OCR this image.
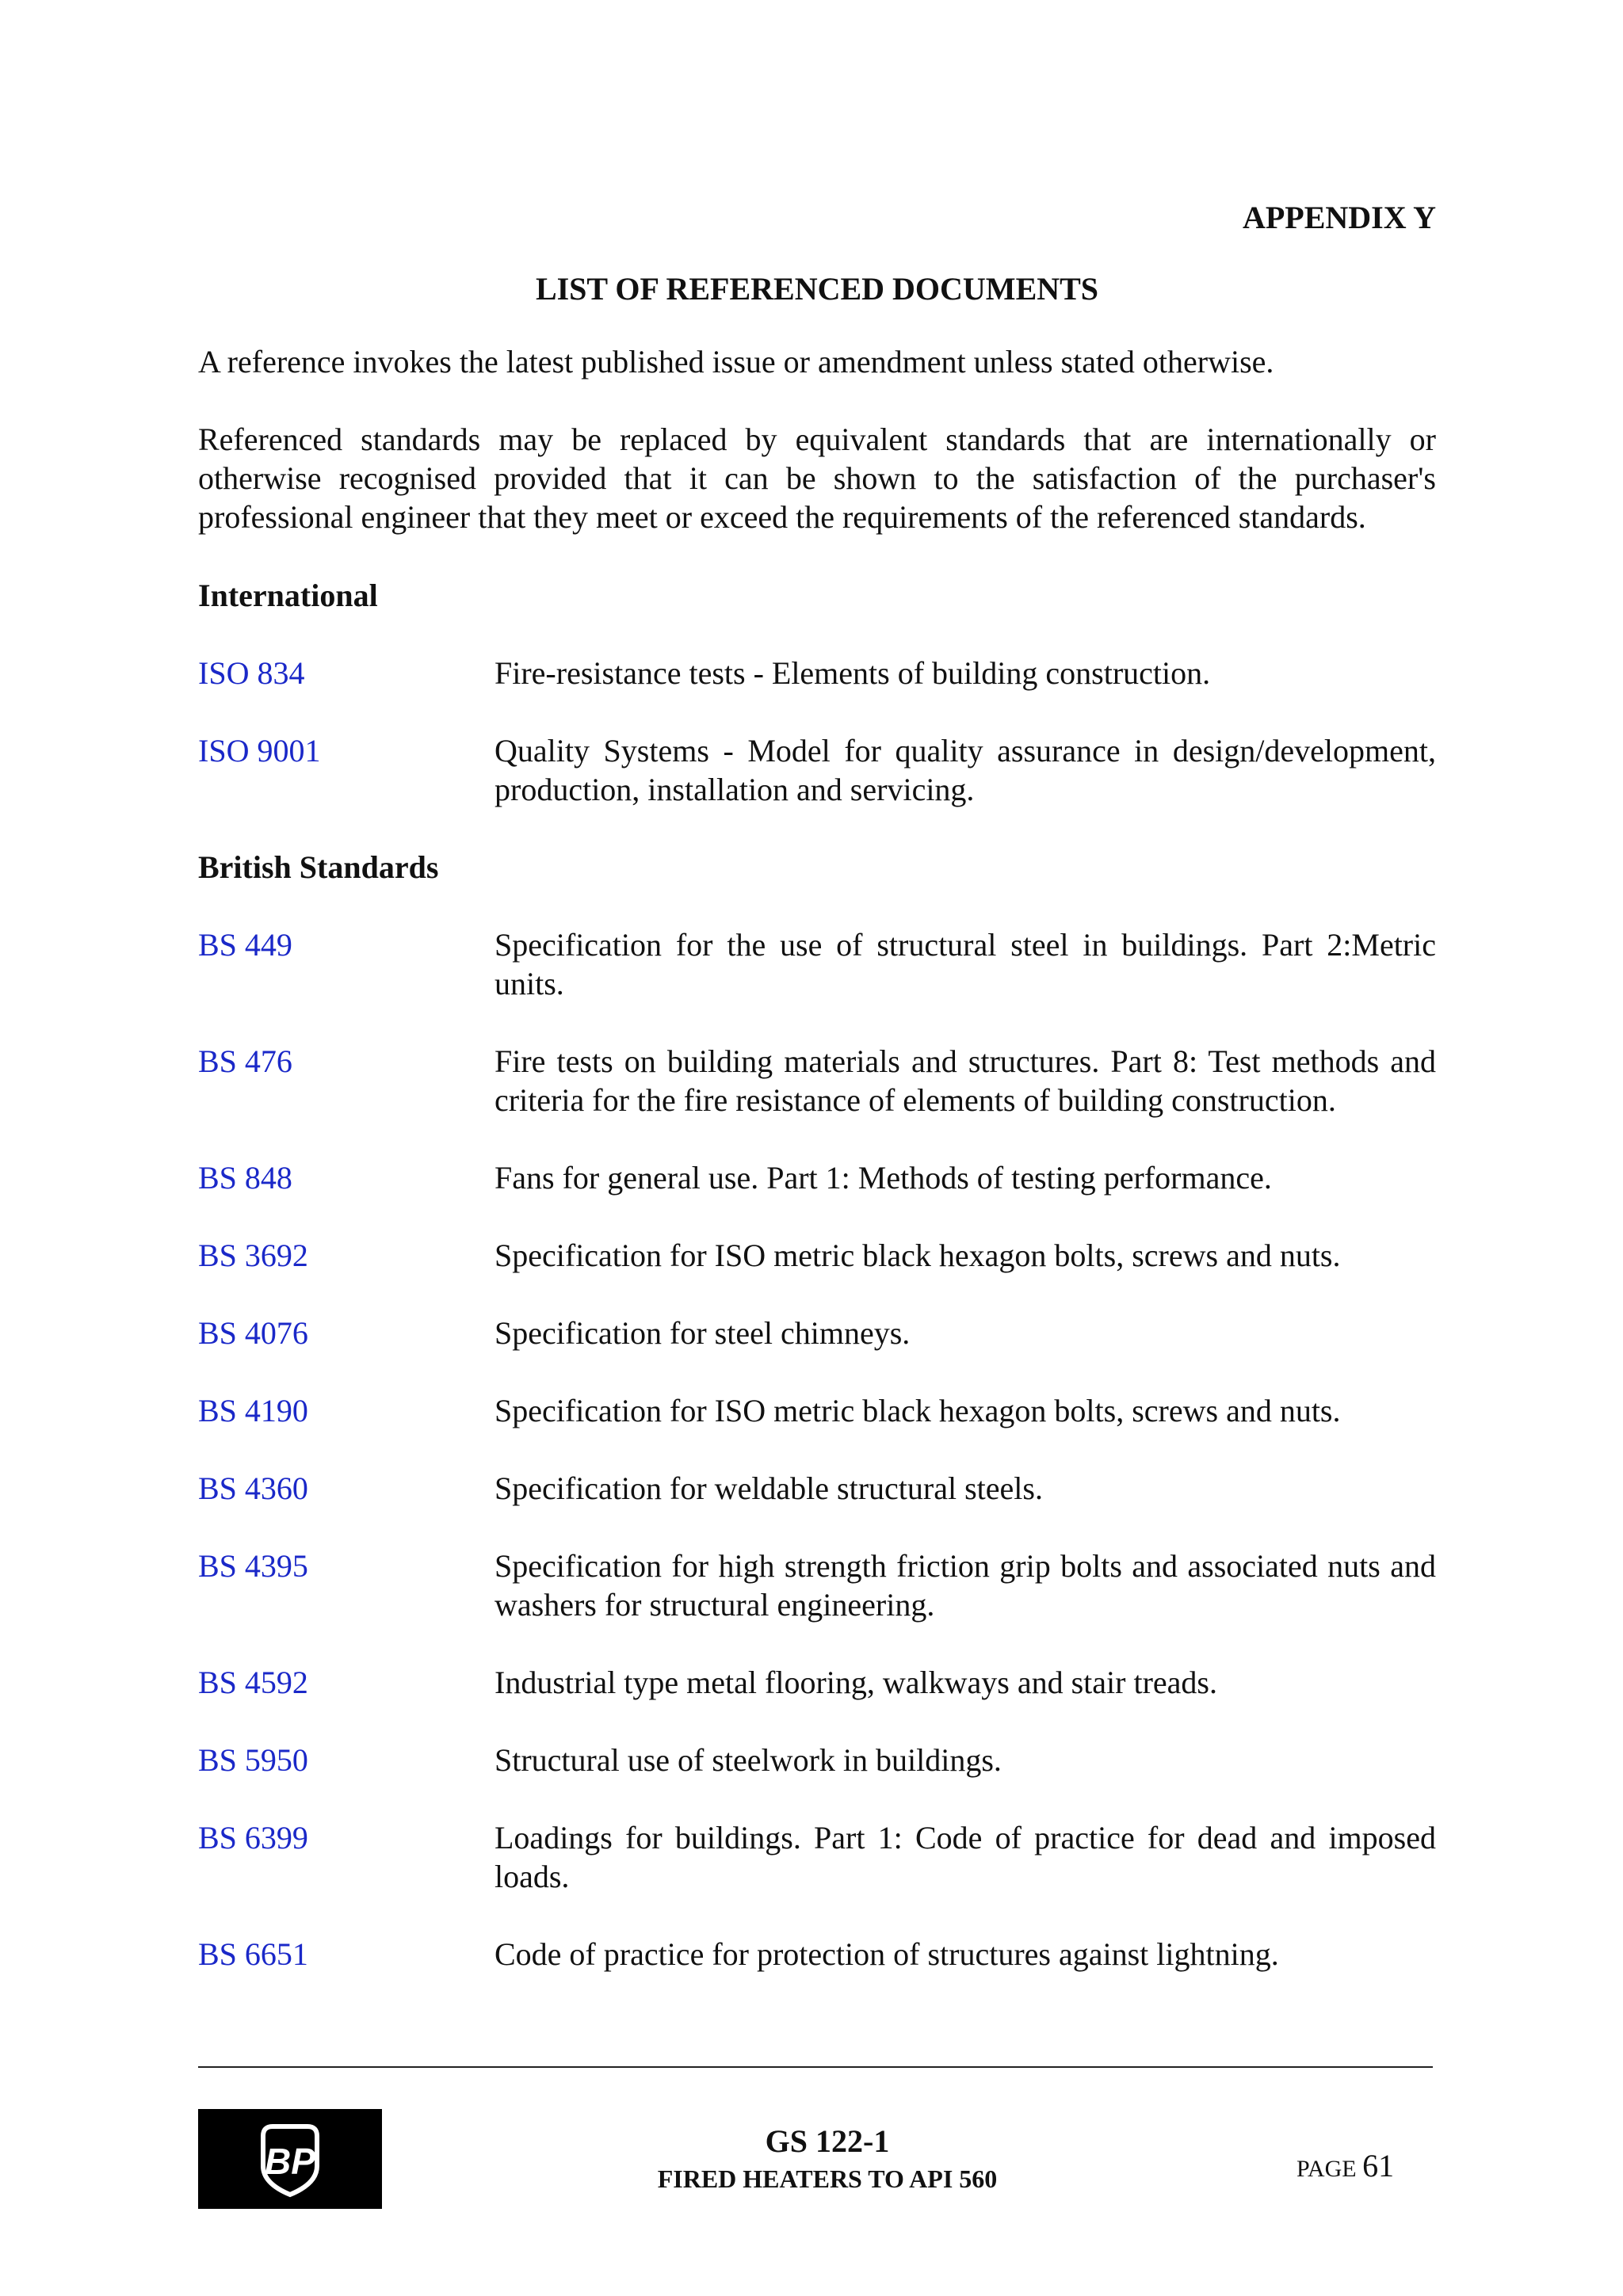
APPENDIX Y
LIST OF REFERENCED DOCUMENTS
A reference invokes the latest published issue or amendment unless stated otherwise.
Referenced standards may be replaced by equivalent standards that are internationally or otherwise recognised provided that it can be shown to the satisfaction of the purchaser's professional engineer that they meet or exceed the requirements of the referenced standards.
International
ISO 834	Fire-resistance tests - Elements of building construction.
ISO 9001	Quality Systems - Model for quality assurance in design/development, production, installation and servicing.
British Standards
BS 449	Specification for the use of structural steel in buildings. Part 2:Metric units.
BS 476	Fire tests on building materials and structures. Part 8: Test methods and criteria for the fire resistance of elements of building construction.
BS 848	Fans for general use. Part 1: Methods of testing performance.
BS 3692	Specification for ISO metric black hexagon bolts, screws and nuts.
BS 4076	Specification for steel chimneys.
BS 4190	Specification for ISO metric black hexagon bolts, screws and nuts.
BS 4360	Specification for weldable structural steels.
BS 4395	Specification for high strength friction grip bolts and associated nuts and washers for structural engineering.
BS 4592	Industrial type metal flooring, walkways and stair treads.
BS 5950	Structural use of steelwork in buildings.
BS 6399	Loadings for buildings. Part 1: Code of practice for dead and imposed loads.
BS 6651	Code of practice for protection of structures against lightning.
BP	GS 122-1
FIRED HEATERS TO API 560	PAGE 61
